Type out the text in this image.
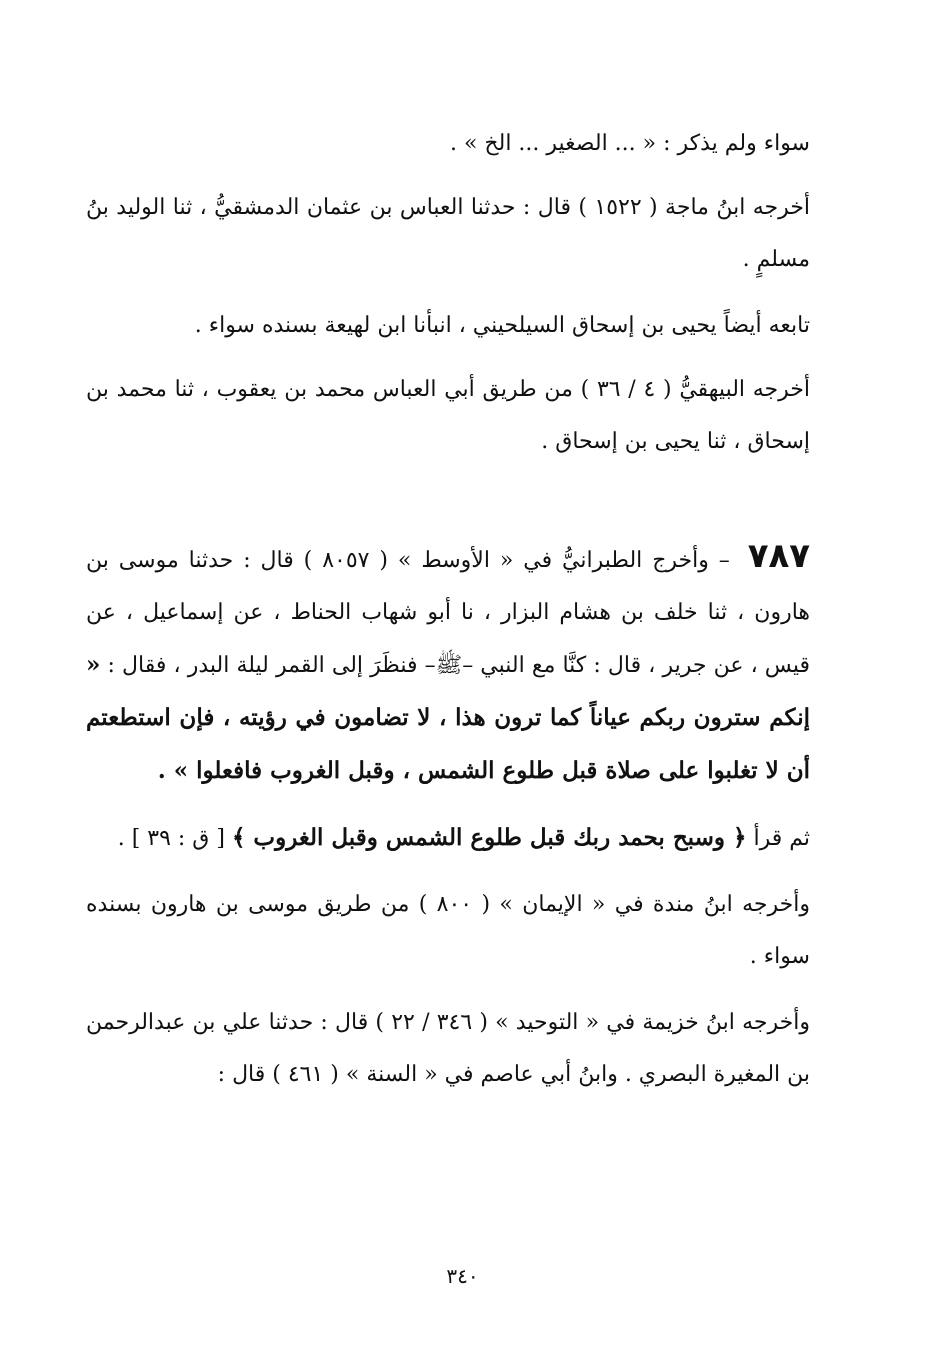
سواء ولم يذكر : « ... الصغير ... الخ » .

أخرجه ابنُ ماجة ( ١٥٢٢ ) قال : حدثنا العباس بن عثمان الدمشقيُّ ، ثنا الوليد بنُ مسلمٍ .

تابعه أيضاً يحيى بن إسحاق السيلحيني ، انبأنا ابن لهيعة بسنده سواء .

أخرجه البيهقيُّ ( ٤ / ٣٦ ) من طريق أبي العباس محمد بن يعقوب ، ثنا محمد بن إسحاق ، ثنا يحيى بن إسحاق .

٧٨٧ – وأخرج الطبرانيُّ في « الأوسط » ( ٨٠٥٧ ) قال : حدثنا موسى بن هارون ، ثنا خلف بن هشام البزار ، نا أبو شهاب الحناط ، عن إسماعيل ، عن قيس ، عن جرير ، قال : كنَّا مع النبي –ﷺ– فنظَرَ إلى القمر ليلة البدر ، فقال : « إنكم سترون ربكم عياناً كما ترون هذا ، لا تضامون في رؤيته ، فإن استطعتم أن لا تغلبوا على صلاة قبل طلوع الشمس ، وقبل الغروب فافعلوا » .

ثم قرأ ﴿ وسبح بحمد ربك قبل طلوع الشمس وقبل الغروب ﴾ [ ق : ٣٩ ] .

وأخرجه ابنُ مندة في « الإيمان » ( ٨٠٠ ) من طريق موسى بن هارون بسنده سواء .

وأخرجه ابنُ خزيمة في « التوحيد » ( ٣٤٦ / ٢٢ ) قال : حدثنا علي بن عبدالرحمن بن المغيرة البصري . وابنُ أبي عاصم في « السنة » ( ٤٦١ ) قال :

٣٤٠
